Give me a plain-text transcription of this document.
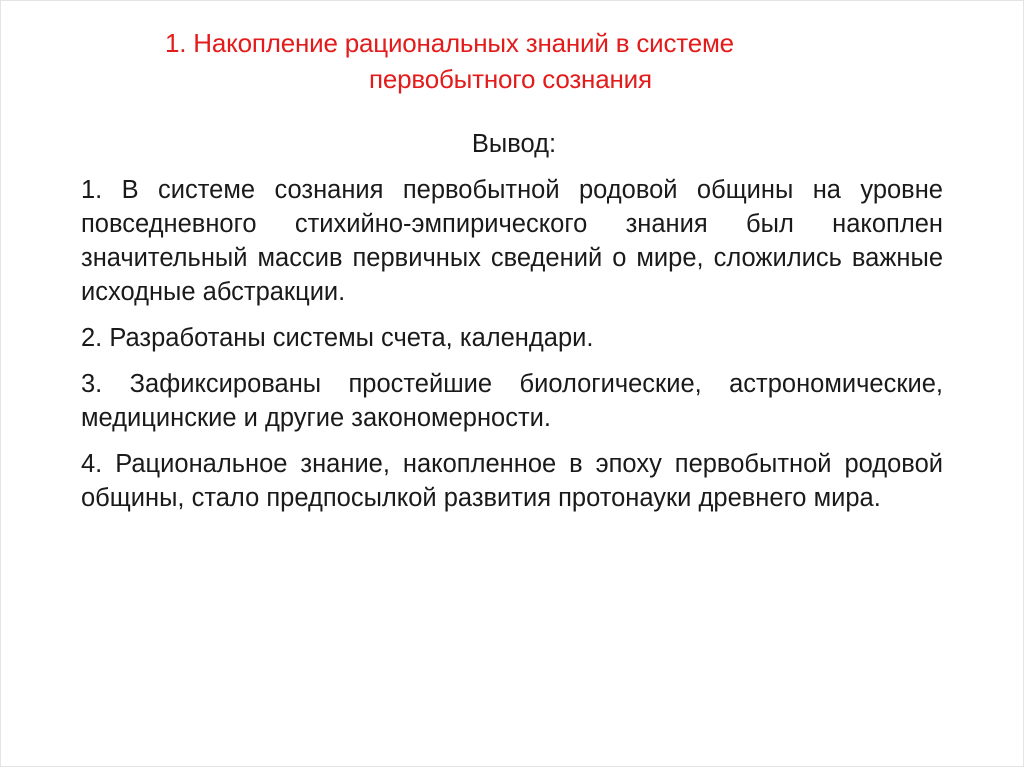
1. Накопление рациональных знаний в системе
первобытного сознания

Вывод:

1. В системе сознания первобытной родовой общины на уровне повседневного стихийно-эмпирического знания был накоплен значительный массив первичных сведений о мире, сложились важные исходные абстракции.

2. Разработаны системы счета, календари.

3. Зафиксированы простейшие биологические, астрономические, медицинские и другие закономерности.

4. Рациональное знание, накопленное в эпоху первобытной родовой общины, стало предпосылкой развития протонауки древнего мира.
